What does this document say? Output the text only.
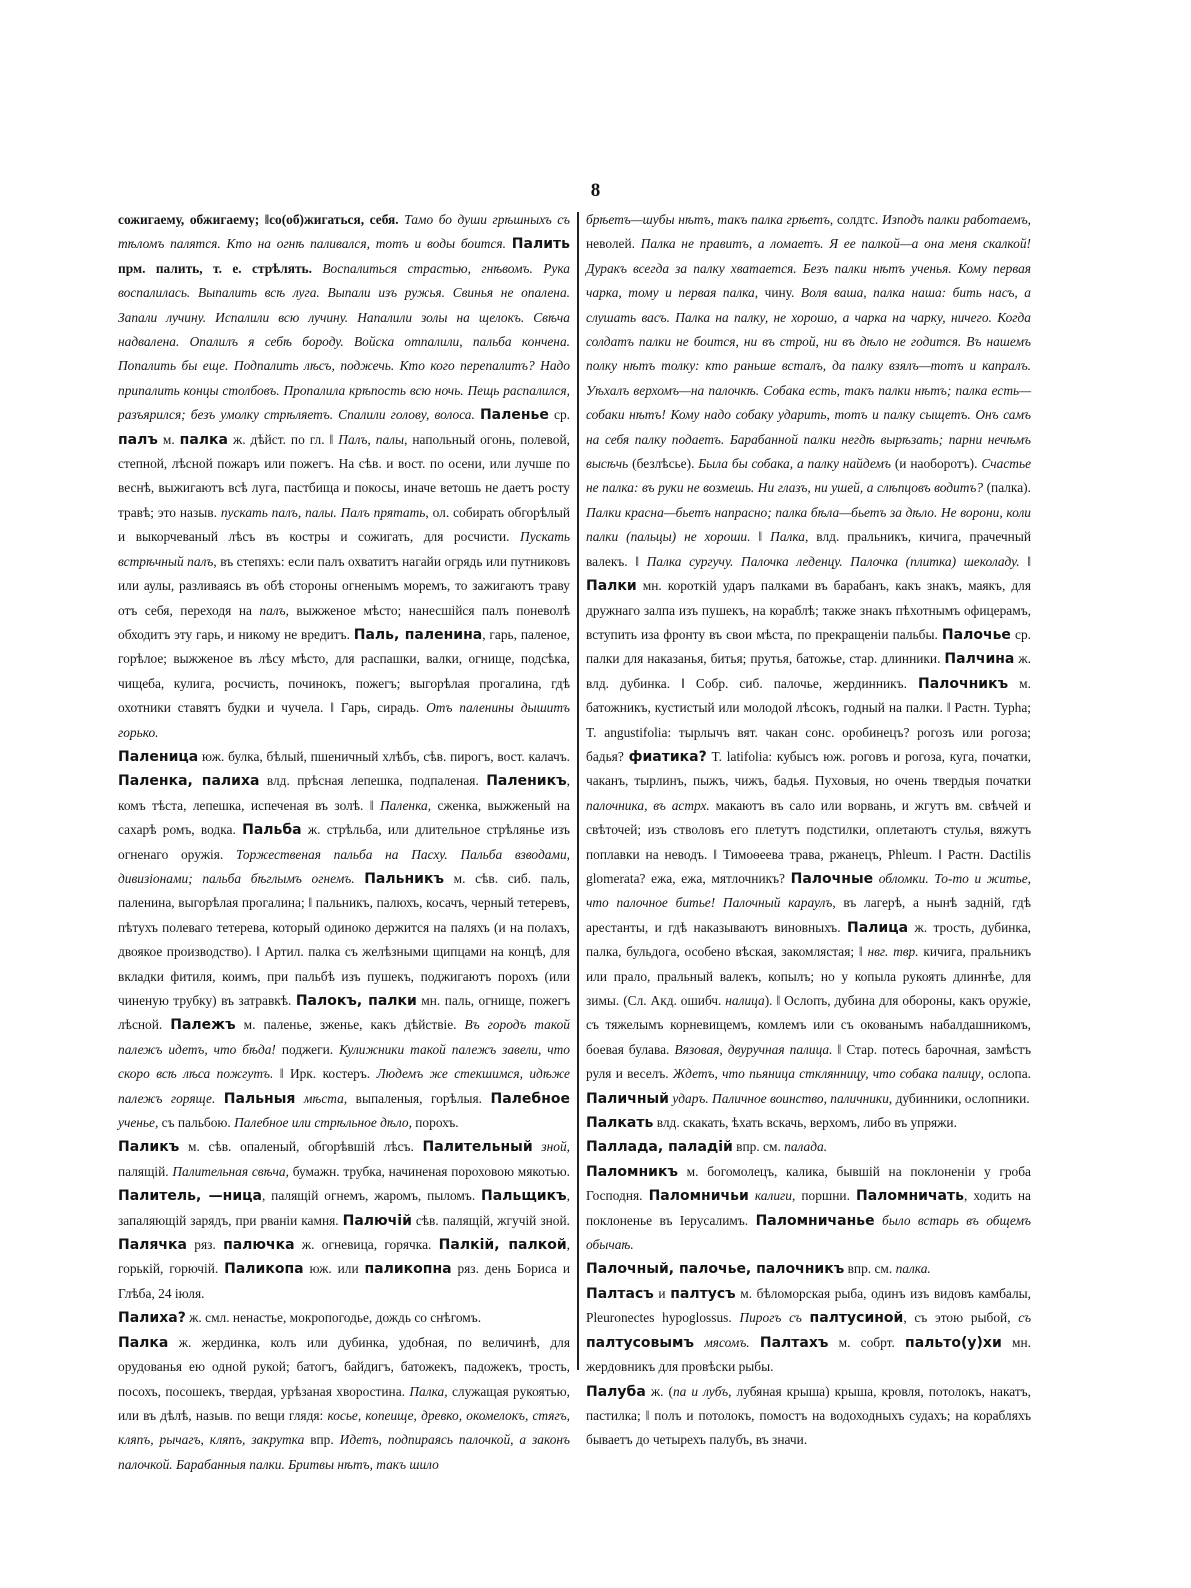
8

сожигаему, обжигаему; ‖со(об)жигаться, себя. Тамо бо души грѣшныхъ съ тѣломъ палятся. Кто на огнѣ паливался, тотъ и воды боится. Палить прм. палить, т. е. стрѣлять. Воспалиться страстью, гнѣвомъ. Рука воспалилась. Выпалить всѣ луга. Выпали изъ ружья. Свинья не опалена. Запали лучину. Испалили всю лучину. Напалили золы на щелокъ. Свѣча надвалена. Опалилъ я себѣ бороду. Войска отпалили, пальба кончена. Попалить бы еще. Подпалить лѣсъ, поджечь. Кто кого перепалитъ? Надо припалить концы столбовъ. Пропалила крѣпость всю ночь. Пещь распалился, разъярился; безъ умолку стрѣляетъ. Спалили голову, волоса. Паленье ср. палъ м. палка ж. дѣйст. по гл. ‖ Палъ, палы, напольный огонь, полевой, степной, лѣсной пожаръ или пожегъ. На сѣв. и вост. по осени, или лучше по веснѣ, выжигаютъ всѣ луга, пастбища и покосы, иначе ветошь не даетъ росту травѣ; это назыв. пускать палъ, палы. Палъ прятать, ол. собирать обгорѣлый и выкорчеваный лѣсъ въ костры и сожигать, для росчисти. Пускать встрѣчный палъ, въ степяхъ: если палъ охватитъ нагайи огрядь или путниковъ или аулы, разливаясь въ обѣ стороны огненымъ моремъ, то зажигаютъ траву отъ себя, переходя на палъ, выжженое мѣсто; нанесшійся палъ поневолѣ обходитъ эту гарь, и никому не вредитъ. Паль, паленина, гарь, паленое, горѣлое; выжженое въ лѣсу мѣсто, для распашки, валки, огнище, подсѣка, чищеба, кулига, росчисть, починокъ, пожегъ; выгорѣлая прогалина, гдѣ охотники ставятъ будки и чучела. ‖ Гарь, сирадь. Отъ паленины дышитъ горько.

Паленица юж. булка, бѣлый, пшеничный хлѣбъ, сѣв. пирогъ, вост. калачъ. Паленка, палиха влд. прѣсная лепешка, подпаленая. Паленикъ, комъ тѣста, лепешка, испеченая въ золѣ. ‖ Паленка, сженка, выжженый на сахарѣ ромъ, водка. Пальба ж. стрѣльба, или длительное стрѣлянье изъ огненаго оружія. Торжественая пальба на Пасху. Пальба взводами, дивизіонами; пальба бѣглымъ огнемъ. Пальникъ м. сѣв. сиб. паль, паленина, выгорѣлая прогалина; ‖ пальникъ, палюхъ, косачъ, черный тетеревъ, пѣтухъ полеваго тетерева, который одиноко держится на паляхъ (и на полахъ, двоякое производство). ‖ Артил. палка съ желѣзными щипцами на концѣ, для вкладки фитиля, коимъ, при пальбѣ изъ пушекъ, поджигаютъ порохъ (или чиненую трубку) въ затравкѣ. Палокъ, палки мн. паль, огнище, пожегъ лѣсной. Палежъ м. паленье, зженье, какъ дѣйствіе. Въ городъ такой палежъ идетъ, что бѣда! поджеги. Кулижники такой палежъ завели, что скоро всѣ лѣса пожгутъ. ‖ Ирк. костеръ. Людемъ же стекшимся, идѣже палежъ горяще. Пальныя мѣста, выпаленыя, горѣлыя. Палебное ученье, съ пальбою. Палебное или стрѣльное дѣло, порохъ.

Паликъ м. сѣв. опаленый, обгорѣвшій лѣсъ. Палительный зной, палящій. Палительная свѣча, бумажн. трубка, начиненая пороховою мякотью. Палитель, —ница, палящій огнемъ, жаромъ, пыломъ. Пальщикъ, запаляющій зарядъ, при рванiи камня. Палючій сѣв. палящій, жгучій зной. Палячка ряз. палючка ж. огневица, горячка. Палкій, палкой, горькій, горючій. Паликопа юж. или паликопна ряз. день Бориса и Глѣба, 24 іюля.

Палиха? ж. смл. ненастье, мокропогодье, дождь со снѣгомъ.

Палка ж. жердинка, колъ или дубинка, удобная, по величинѣ, для орудованья ею одной рукой; батогъ, байдигъ, батожекъ, падожекъ, трость, посохъ, посошекъ, твердая, урѣзаная хворостина. Палка, служащая рукоятью, или въ дѣлѣ, назыв. по вещи глядя: косье, копеище, древко, окомелокъ, стягъ, кляпъ, рычагъ, кляпъ, закрутка впр. Идетъ, подпираясь палочкой, а законъ палочкой. Барабанныя палки. Бритвы нѣтъ, такъ шило

брѣетъ—шубы нѣтъ, такъ палка грѣетъ, солдтс. Изподъ палки работаемъ, неволей. Палка не правитъ, а ломаетъ. Я ее палкой—а она меня скалкой! Дуракъ всегда за палку хватается. Безъ палки нѣтъ ученья. Кому первая чарка, тому и первая палка, чину. Воля ваша, палка наша: бить насъ, а слушать васъ. Палка на палку, не хорошо, а чарка на чарку, ничего. Когда солдатъ палки не боится, ни въ строй, ни въ дѣло не годится. Въ нашемъ полку нѣтъ толку: кто раньше всталъ, да палку взялъ—тотъ и капралъ. Уѣхалъ верхомъ—на палочкѣ. Собака есть, такъ палки нѣтъ; палка есть—собаки нѣтъ! Кому надо собаку ударить, тотъ и палку сыщетъ. Онъ самъ на себя палку подаетъ. Барабанной палки негдѣ вырѣзать; парни нечѣмъ высѣчь (безлѣсье). Была бы собака, а палку найдемъ (и наоборотъ). Счастье не палка: въ руки не возмешь. Ни глазъ, ни ушей, а слѣпцовъ водитъ? (палка). Палки красна—бьетъ напрасно; палка бѣла—бьетъ за дѣло. Не ворони, коли палки (пальцы) не хороши. ‖ Палка, влд. пральникъ, кичига, прачечный валекъ. ‖ Палка сургучу. Палочка леденцу. Палочка (плитка) шеколаду. ‖ Палки мн. короткій ударъ палками въ барабанъ, какъ знакъ, маякъ, для дружнаго залпа изъ пушекъ, на кораблѣ; также знакъ пѣхотнымъ офицерамъ, вступить иза фронту въ свои мѣста, по прекращеніи пальбы. Палочье ср. палки для наказанья, битья; прутья, батожье, стар. длинники. Палчина ж. влд. дубинка. ‖ Собр. сиб. палочье, жердинникъ. Палочникъ м. батожникъ, кустистый или молодой лѣсокъ, годный на палки. ‖ Растн. Typha; T. angustifolia: тырлычъ вят. чакан сонс. оробинецъ? рогозъ или рогоза; бадья? фиатика? T. latifolia: кубысъ юж. роговъ и рогоза, куга, початки, чаканъ, тырлинъ, пыжъ, чижъ, бадья. Пуховыя, но очень твердыя початки палочника, въ астрх. макаютъ въ сало или ворвань, и жгутъ вм. свѣчей и свѣточей; изъ стволовъ его плетутъ подстилки, оплетаютъ стулья, вяжутъ поплавки на неводъ. ‖ Тимоѳеева трава, ржанецъ, Phleum. ‖ Растн. Dactilis glomerata? ежа, ежа, мятлочникъ? Палочные обломки. То-то и житье, что палочное битье! Палочный караулъ, въ лагерѣ, а нынѣ заднiй, гдѣ арестанты, и гдѣ наказываютъ виновныхъ. Палица ж. трость, дубинка, палка, бульдога, особено вѣская, закомлястая; ‖ нвг. твр. кичига, пральникъ или прало, пральный валекъ, копылъ; но у копыла рукоять длиннѣе, для зимы. (Сл. Акд. ошибч. налица). ‖ Ослопъ, дубина для обороны, какъ оружіе, съ тяжелымъ корневищемъ, комлемъ или съ окованымъ набалдашникомъ, боевая булава. Вязовая, двуручная палица. ‖ Стар. потесь барочная, замѣстъ руля и веселъ. Ждетъ, что пьяница стклянницу, что собака палицу, ослопа. Паличный ударъ. Паличное воинство, паличники, дубинники, ослопники.

Палкать влд. скакать, ѣхать вскачь, верхомъ, либо въ упряжи.

Паллада, паладій впр. см. палада.

Паломникъ м. богомолецъ, калика, бывшій на поклоненіи у гроба Господня. Паломничьи калиги, поршни. Паломничать, ходить на поклоненье въ Іерусалимъ. Паломничанье было встарь въ общемъ обычаѣ.

Палочный, палочье, палочникъ впр. см. палка.

Палтасъ и палтусъ м. бѣломорская рыба, одинъ изъ видовъ камбалы, Pleuronectes hypoglossus. Пирогъ съ палтусиной, съ этою рыбой, съ палтусовымъ мясомъ. Палтахъ м. собрт. пальто(у)хи мн. жердовникъ для провѣски рыбы.

Палуба ж. (па и лубъ, лубяная крыша) крыша, кровля, потолокъ, накатъ, пастилка; ‖ полъ и потолокъ, помостъ на водоходныхъ судахъ; на корабляхъ бываетъ до четырехъ палубъ, въ значи.
